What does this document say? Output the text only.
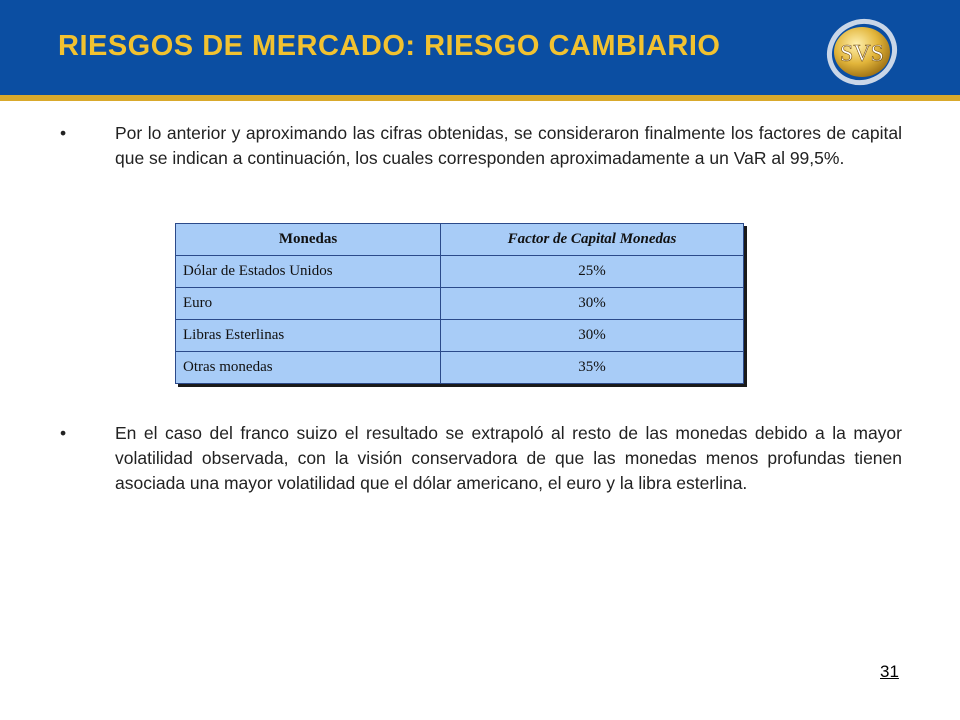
RIESGOS DE MERCADO: RIESGO CAMBIARIO	SVS
•	Por lo anterior y aproximando las cifras obtenidas, se consideraron finalmente los factores de capital que se indican a continuación, los cuales corresponden aproximadamente a un VaR al 99,5%.
Monedas	Factor de Capital Monedas
Dólar de Estados Unidos	25%
Euro	30%
Libras Esterlinas	30%
Otras monedas	35%
•	En el caso del franco suizo el resultado se extrapoló al resto de las monedas debido a la mayor volatilidad observada, con la visión conservadora de que las monedas menos profundas tienen asociada una mayor volatilidad que el dólar americano, el euro y la libra esterlina.
31
